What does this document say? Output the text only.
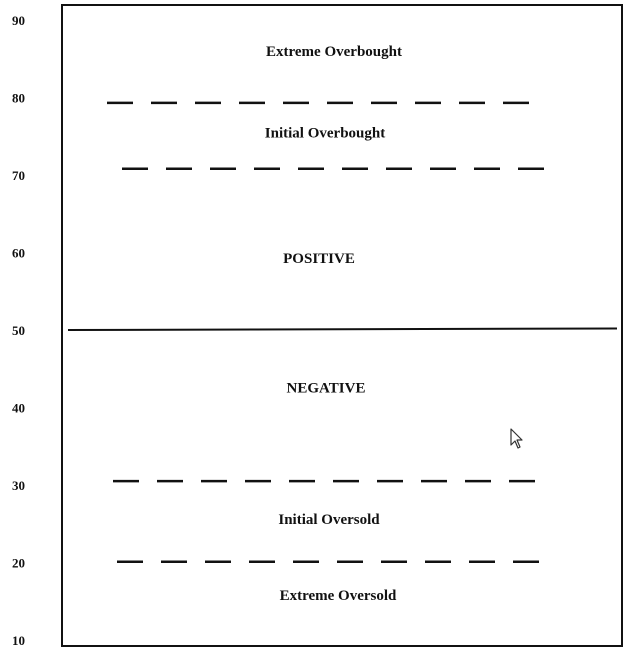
90
80
70
60
50
40
30
20
10
Extreme Overbought
Initial Overbought
POSITIVE
NEGATIVE
Initial Oversold
Extreme Oversold
